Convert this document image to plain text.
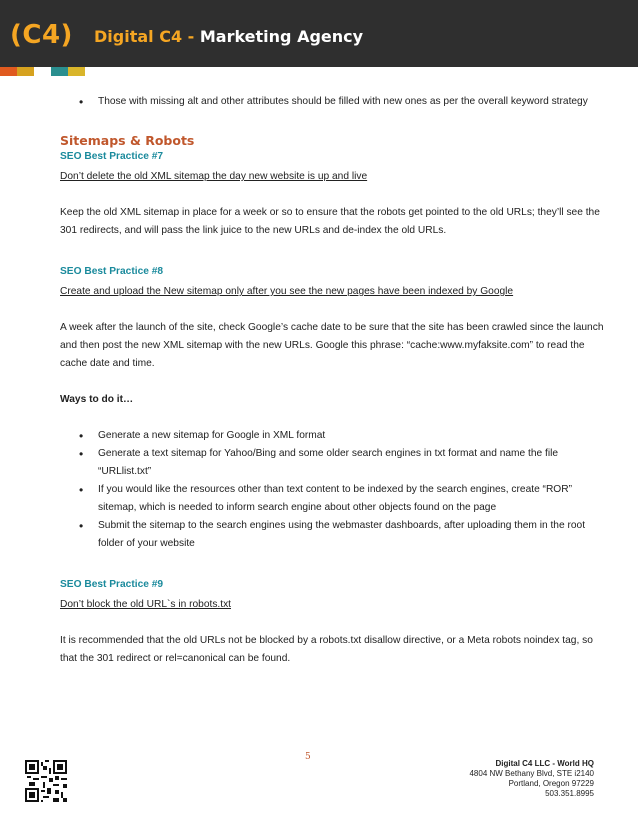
(C4) Digital C4 - Marketing Agency
• Those with missing alt and other attributes should be filled with new ones as per the overall keyword strategy
Sitemaps & Robots
SEO Best Practice #7
Don’t delete the old XML sitemap the day new website is up and live
Keep the old XML sitemap in place for a week or so to ensure that the robots get pointed to the old URLs; they’ll see the 301 redirects, and will pass the link juice to the new URLs and de-index the old URLs.
SEO Best Practice #8
Create and upload the New sitemap only after you see the new pages have been indexed by Google
A week after the launch of the site, check Google’s cache date to be sure that the site has been crawled since the launch and then post the new XML sitemap with the new URLs. Google this phrase: “cache:www.myfaksite.com” to read the cache date and time.
Ways to do it…
• Generate a new sitemap for Google in XML format
• Generate a text sitemap for Yahoo/Bing and some older search engines in txt format and name the file “URLlist.txt”
• If you would like the resources other than text content to be indexed by the search engines, create “ROR” sitemap, which is needed to inform search engine about other objects found on the page
• Submit the sitemap to the search engines using the webmaster dashboards, after uploading them in the root folder of your website
SEO Best Practice #9
Don’t block the old URL`s in robots.txt
It is recommended that the old URLs not be blocked by a robots.txt disallow directive, or a Meta robots noindex tag, so that the 301 redirect or rel=canonical can be found.
5
Digital C4 LLC - World HQ
4804 NW Bethany Blvd, STE i2140
Portland, Oregon 97229
503.351.8995
